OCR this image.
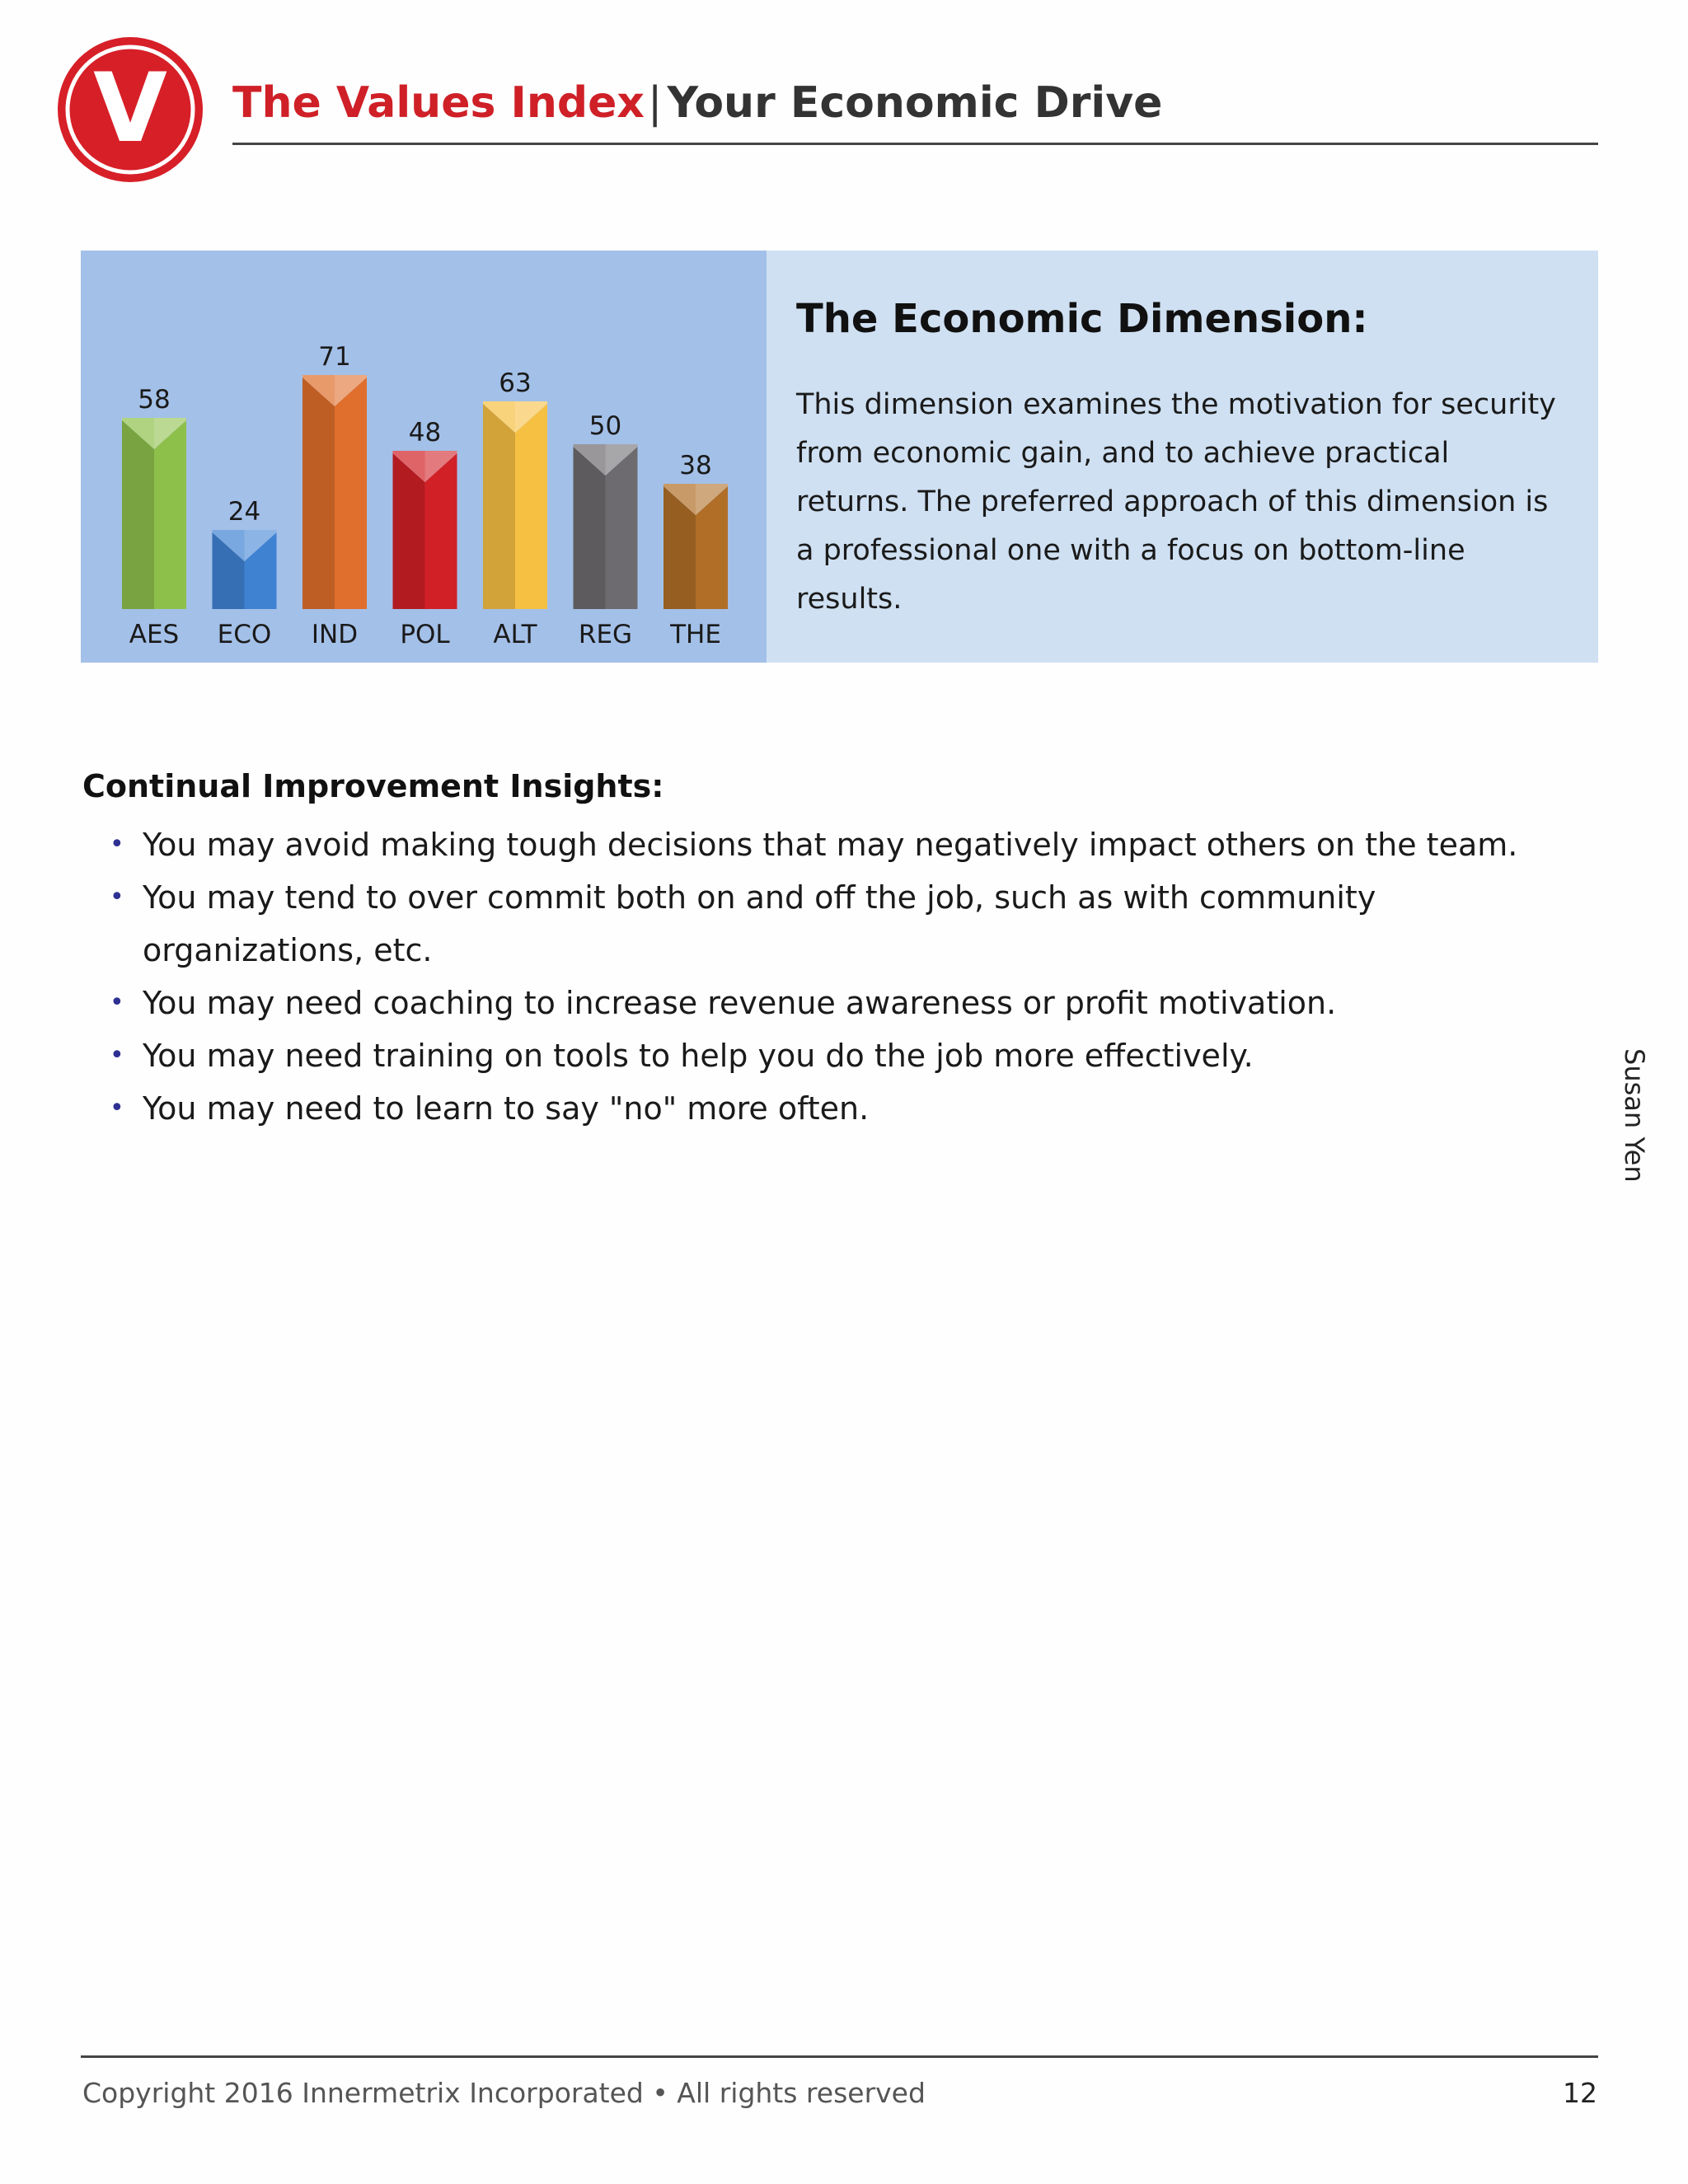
V The Values Index| Your Economic Drive
58
AES
24
ECO
71
IND
48
POL
63
ALT
50
REG
38
THE
The Economic Dimension:
This dimension examines the motivation for security from economic gain, and to achieve practical returns. The preferred approach of this dimension is a professional one with a focus on bottom-line results.
Continual Improvement Insights:
• You may avoid making tough decisions that may negatively impact others on the team.
• You may tend to over commit both on and off the job, such as with community organizations, etc.
• You may need coaching to increase revenue awareness or profit motivation.
• You may need training on tools to help you do the job more effectively.
• You may need to learn to say "no" more often.	Susan Yen
Copyright 2016 Innermetrix Incorporated • All rights reserved	12
